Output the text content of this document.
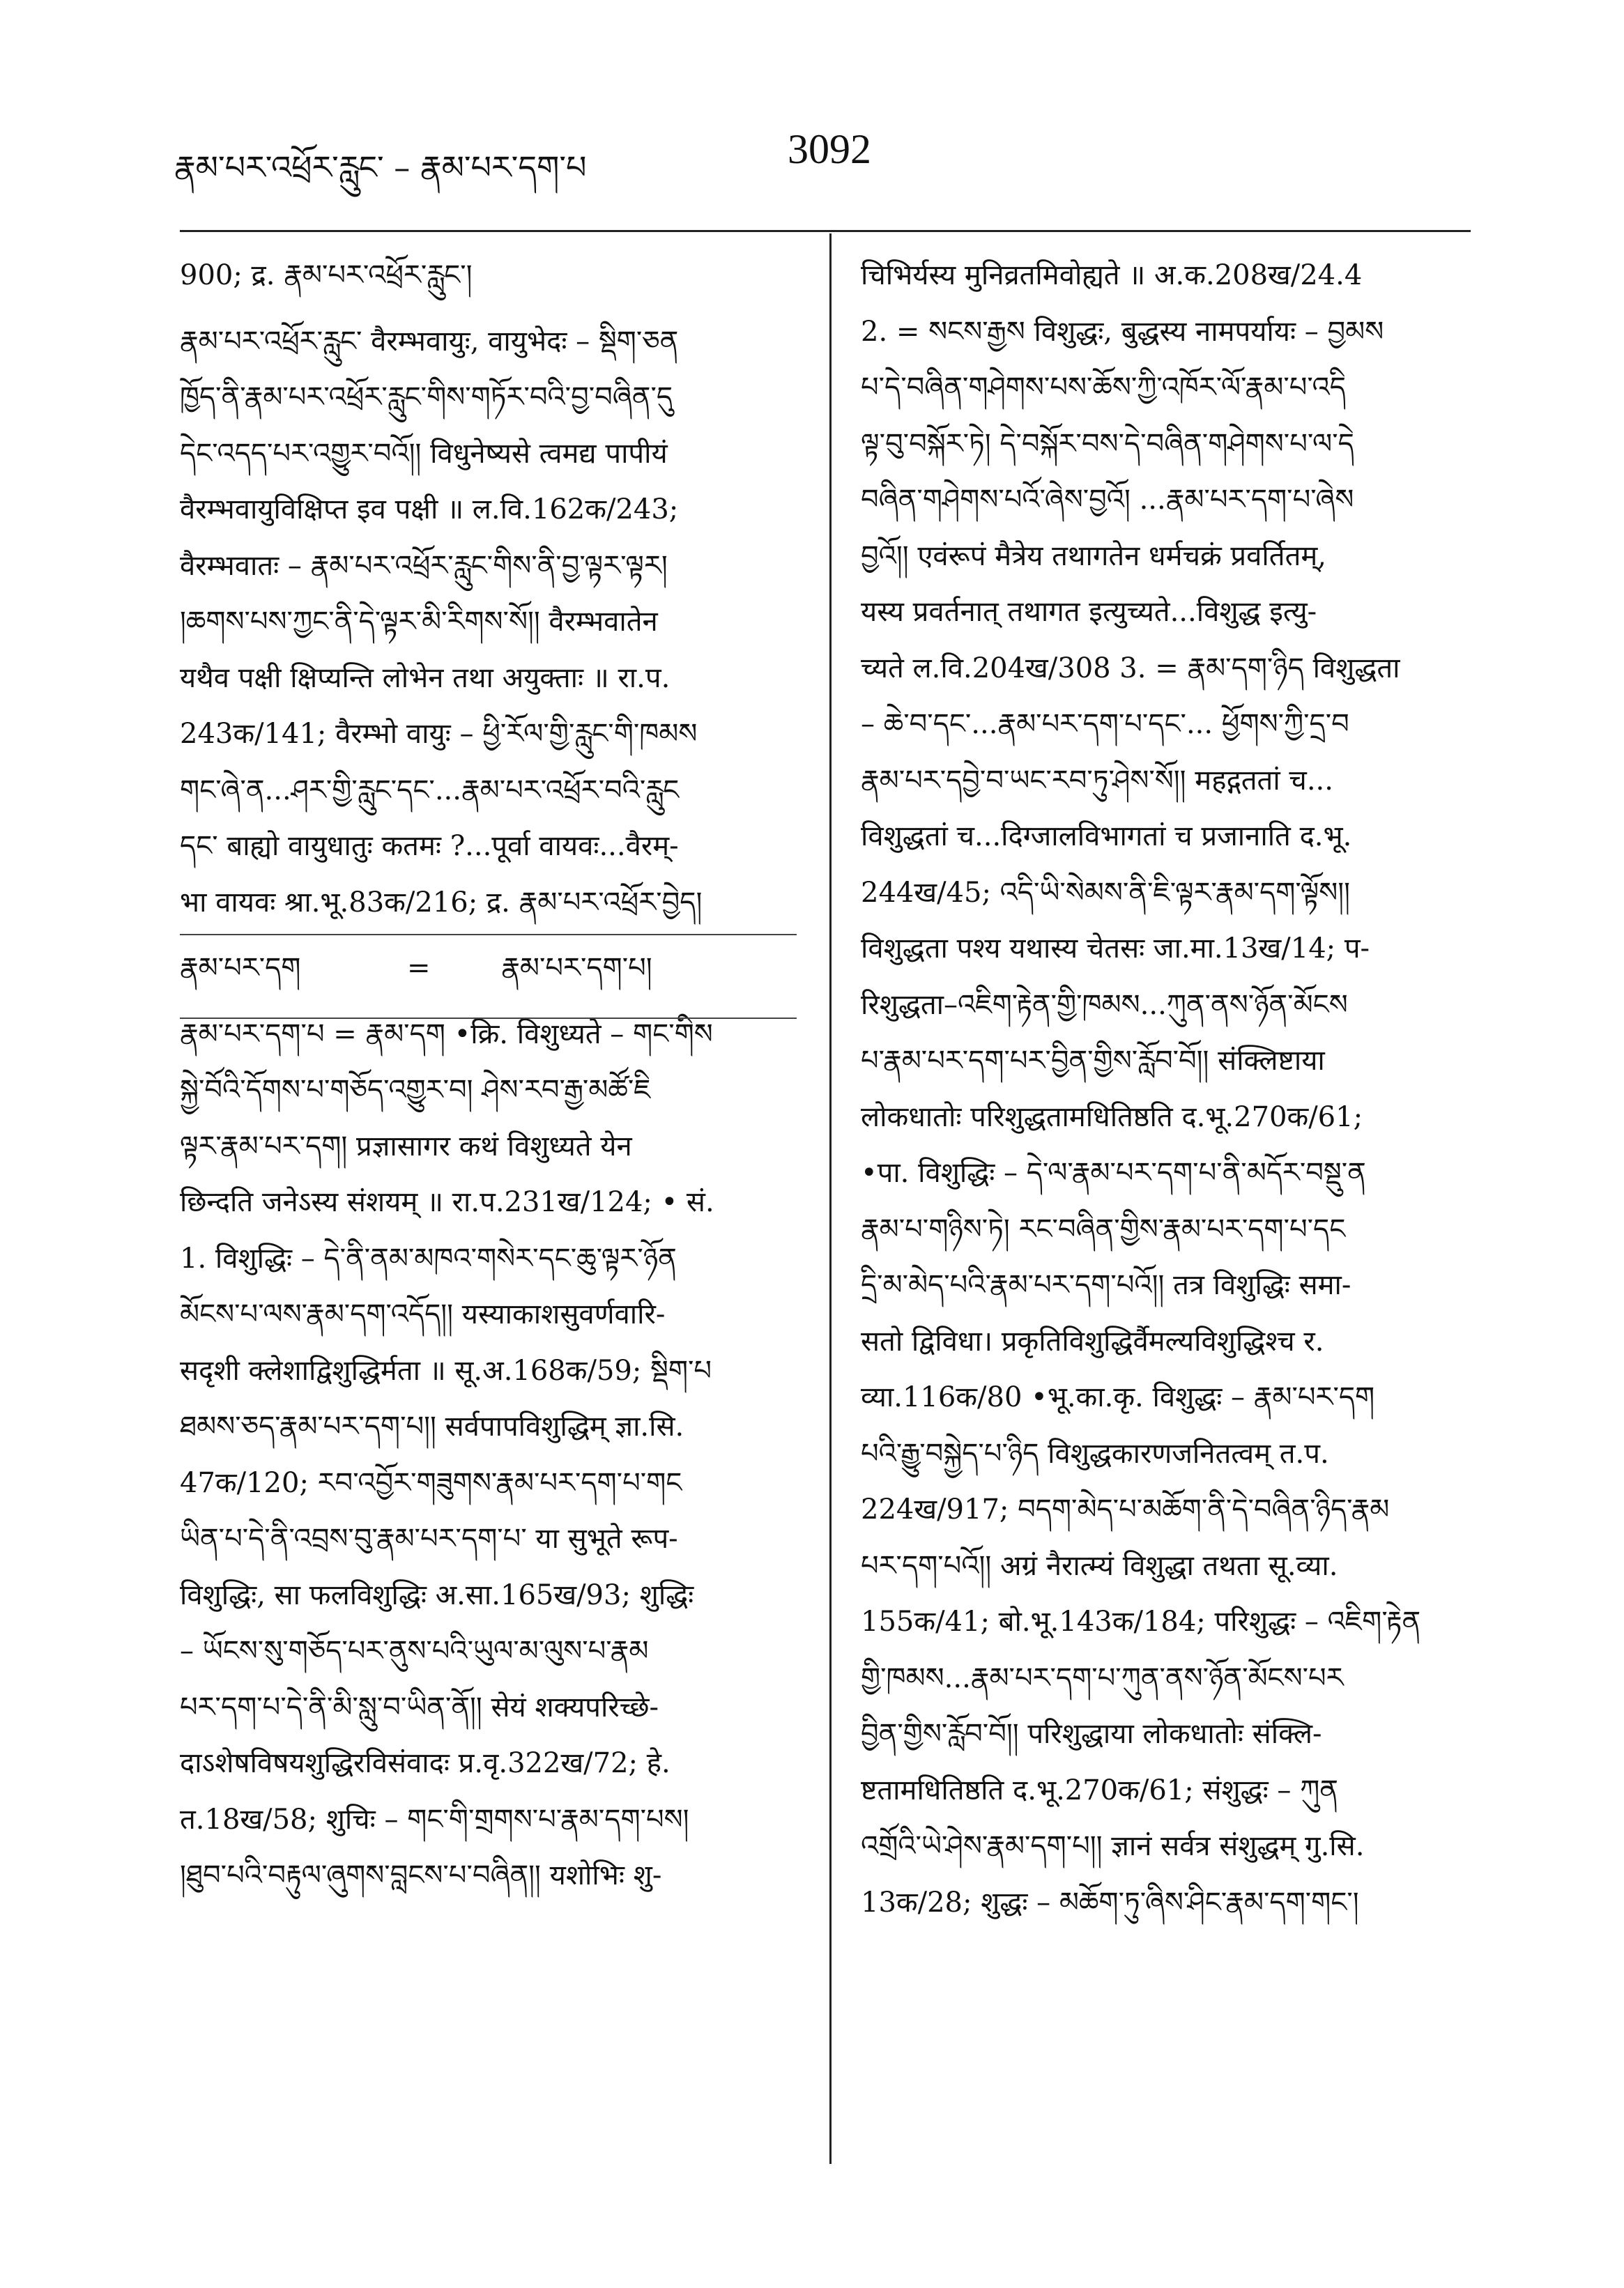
རྣམ་པར་འཕྲོར་རླུང་ – རྣམ་པར་དག་པ	3092

900; द्र. རྣམ་པར་འཕྲོར་རླུང་།

རྣམ་པར་འཕྲོར་རླུང་ वैरम्भवायुः, वायुभेदः – སྡིག་ཅན

ཁྱོད་ནི་རྣམ་པར་འཕྲོར་རླུང་གིས་གཏོར་བའི་བྱ་བཞིན་དུ

དེང་འདད་པར་འགྱུར་བའོ།། विधुनेष्यसे त्वमद्य पापीयं

वैरम्भवायुविक्षिप्त इव पक्षी ॥ ल.वि.162क/243;

वैरम्भवातः – རྣམ་པར་འཕྲོར་རླུང་གིས་ནི་བྱ་ལྟར་ལྟར།

།ཆགས་པས་ཀྱང་ནི་དེ་ལྟར་མི་རིགས་སོ།། वैरम्भवातेन

यथैव पक्षी क्षिप्यन्ति लोभेन तथा अयुक्ताः ॥ रा.प.

243क/141; वैरम्भो वायुः – ཕྱི་རོལ་གྱི་རླུང་གི་ཁམས

གང་ཞེ་ན...ཤར་གྱི་རླུང་དང་...རྣམ་པར་འཕྲོར་བའི་རླུང

དང་ बाह्यो वायुधातुः कतमः ?...पूर्वा वायवः...वैरम्-

भा वायवः श्रा.भू.83क/216; द्र. རྣམ་པར་འཕྲོར་བྱེད།

རྣམ་པར་དག            =        རྣམ་པར་དག་པ།

རྣམ་པར་དག་པ = རྣམ་དག •क्रि. विशुध्यते – གང་གིས

སྐྱེ་བོའི་དོགས་པ་གཅོད་འགྱུར་བ། ཤེས་རབ་རྒྱ་མཚོ་ཇི

ལྟར་རྣམ་པར་དག། प्रज्ञासागर कथं विशुध्यते येन

छिन्दति जनेऽस्य संशयम् ॥ रा.प.231ख/124; • सं.

1. विशुद्धिः – དེ་ནི་ནམ་མཁའ་གསེར་དང་ཆུ་ལྟར་ཉོན

མོངས་པ་ལས་རྣམ་དག་འདོད།། यस्याकाशसुवर्णवारि-

सदृशी क्लेशाद्विशुद्धिर्मता ॥ सू.अ.168क/59; སྡིག་པ

ཐམས་ཅད་རྣམ་པར་དག་པ།། सर्वपापविशुद्धिम् ज्ञा.सि.

47क/120; རབ་འབྱོར་གཟུགས་རྣམ་པར་དག་པ་གང

ཡིན་པ་དེ་ནི་འབྲས་བུ་རྣམ་པར་དག་པ་ या सुभूते रूप-

विशुद्धिः, सा फलविशुद्धिः अ.सा.165ख/93; शुद्धिः

– ཡོངས་སུ་གཅོད་པར་ནུས་པའི་ཡུལ་མ་ལུས་པ་རྣམ

པར་དག་པ་དེ་ནི་མི་སླུ་བ་ཡིན་ནོ།། सेयं शक्यपरिच्छे-

दाऽशेषविषयशुद्धिरविसंवादः प्र.वृ.322ख/72; हे.

त.18ख/58; शुचिः – གང་གི་གྲགས་པ་རྣམ་དག་པས།

།ཐུབ་པའི་བརྟུལ་ཞུགས་བླངས་པ་བཞིན།། यशोभिः शु-

चिभिर्यस्य मुनिव्रतमिवोह्यते ॥ अ.क.208ख/24.4

2. = སངས་རྒྱས विशुद्धः, बुद्धस्य नामपर्यायः – བྱམས

པ་དེ་བཞིན་གཤེགས་པས་ཆོས་ཀྱི་འཁོར་ལོ་རྣམ་པ་འདི

ལྟ་བུ་བསྐོར་ཏེ། དེ་བསྐོར་བས་དེ་བཞིན་གཤེགས་པ་ལ་དེ

བཞིན་གཤེགས་པའོ་ཞེས་བྱའོ། ...རྣམ་པར་དག་པ་ཞེས

བྱའོ།། एवंरूपं मैत्रेय तथागतेन धर्मचक्रं प्रवर्तितम्,

यस्य प्रवर्तनात् तथागत इत्युच्यते...विशुद्ध इत्यु-

च्यते ल.वि.204ख/308 3. = རྣམ་དག་ཉིད विशुद्धता

– ཆེ་བ་དང་...རྣམ་པར་དག་པ་དང་... ཕྱོགས་ཀྱི་དྲ་བ

རྣམ་པར་དབྱེ་བ་ཡང་རབ་ཏུ་ཤེས་སོ།། महद्गततां च...

विशुद्धतां च...दिग्जालविभागतां च प्रजानाति द.भू.

244ख/45; འདི་ཡི་སེམས་ནི་ཇི་ལྟར་རྣམ་དག་ལྟོས།།

विशुद्धता पश्य यथास्य चेतसः जा.मा.13ख/14; प-

रिशुद्धता–འཇིག་རྟེན་གྱི་ཁམས...ཀུན་ནས་ཉོན་མོངས

པ་རྣམ་པར་དག་པར་བྱིན་གྱིས་རློབ་བོ།། संक्लिष्टाया

लोकधातोः परिशुद्धतामधितिष्ठति द.भू.270क/61;

•पा. विशुद्धिः – དེ་ལ་རྣམ་པར་དག་པ་ནི་མདོར་བསྡུ་ན

རྣམ་པ་གཉིས་ཏེ། རང་བཞིན་གྱིས་རྣམ་པར་དག་པ་དང

དྲི་མ་མེད་པའི་རྣམ་པར་དག་པའོ།། तत्र विशुद्धिः समा-

सतो द्विविधा। प्रकृतिविशुद्धिर्वैमल्यविशुद्धिश्च र.

व्या.116क/80 •भू.का.कृ. विशुद्धः – རྣམ་པར་དག

པའི་རྒྱུ་བསྐྱེད་པ་ཉིད विशुद्धकारणजनितत्वम् त.प.

224ख/917; བདག་མེད་པ་མཆོག་ནི་དེ་བཞིན་ཉིད་རྣམ

པར་དག་པའོ།། अग्रं नैरात्म्यं विशुद्धा तथता सू.व्या.

155क/41; बो.भू.143क/184; परिशुद्धः – འཇིག་རྟེན

གྱི་ཁམས...རྣམ་པར་དག་པ་ཀུན་ནས་ཉོན་མོངས་པར

བྱིན་གྱིས་རློབ་བོ།། परिशुद्धाया लोकधातोः संक्लि-

ष्टतामधितिष्ठति द.भू.270क/61; संशुद्धः – ཀུན

འགྲོའི་ཡེ་ཤེས་རྣམ་དག་པ།། ज्ञानं सर्वत्र संशुद्धम् गु.सि.

13क/28; शुद्धः – མཆོག་ཏུ་ཞིས་ཤིང་རྣམ་དག་གང་།
